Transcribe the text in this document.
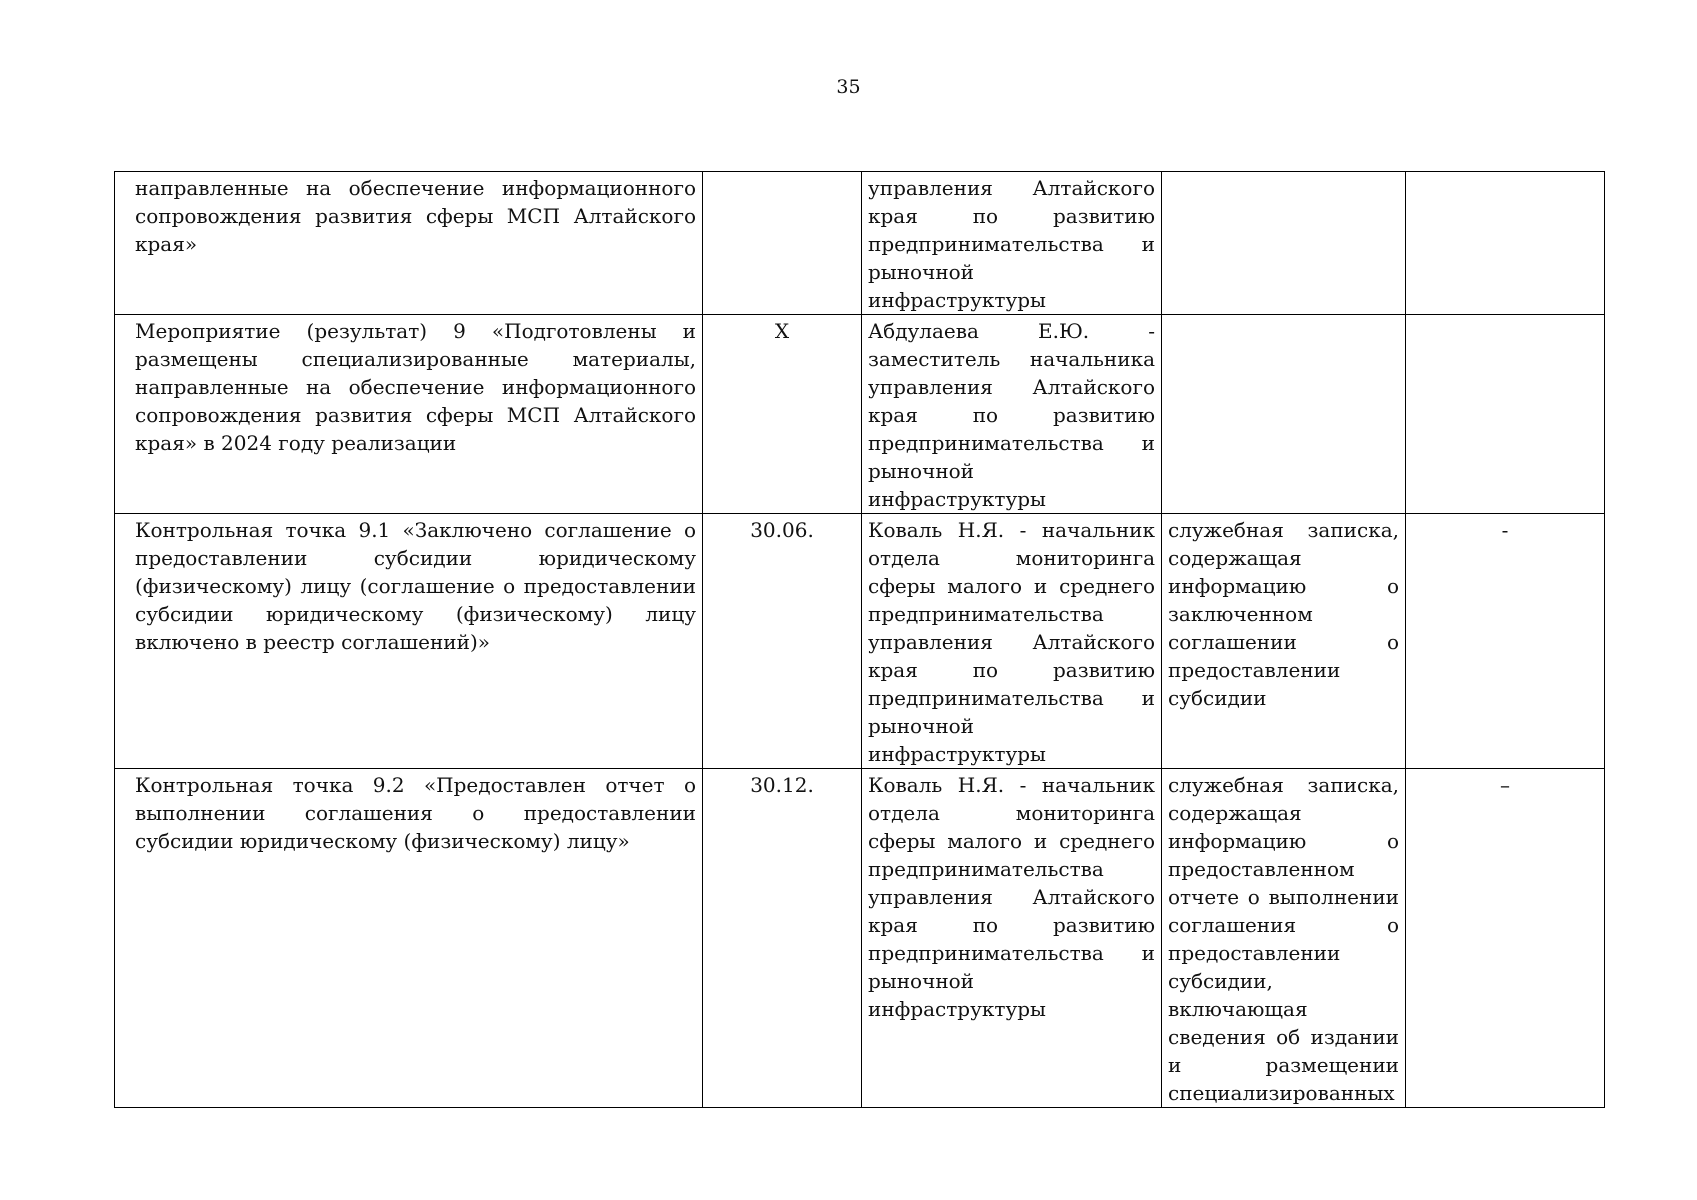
35
направленные на обеспечение информационного сопровождения развития сферы МСП Алтайского края»		управления Алтайского края по развитию предпринимательства и рыночной инфраструктуры		
Мероприятие (результат) 9 «Подготовлены и размещены специализированные материалы, направленные на обеспечение информационного сопровождения развития сферы МСП Алтайского края» в 2024 году реализации	X	Абдулаева Е.Ю. - заместитель начальника управления Алтайского края по развитию предпринимательства и рыночной инфраструктуры		
Контрольная точка 9.1 «Заключено соглашение о предоставлении субсидии юридическому (физическому) лицу (соглашение о предоставлении субсидии юридическому (физическому) лицу включено в реестр соглашений)»	30.06.	Коваль Н.Я. - начальник отдела мониторинга сферы малого и среднего предпринимательства управления Алтайского края по развитию предпринимательства и рыночной инфраструктуры	служебная записка, содержащая информацию о заключенном соглашении о предоставлении субсидии	-
Контрольная точка 9.2 «Предоставлен отчет о выполнении соглашения о предоставлении субсидии юридическому (физическому) лицу»	30.12.	Коваль Н.Я. - начальник отдела мониторинга сферы малого и среднего предпринимательства управления Алтайского края по развитию предпринимательства и рыночной инфраструктуры	служебная записка, содержащая информацию о предоставленном отчете о выполнении соглашения о предоставлении субсидии, включающая сведения об издании и размещении специализированных	–
